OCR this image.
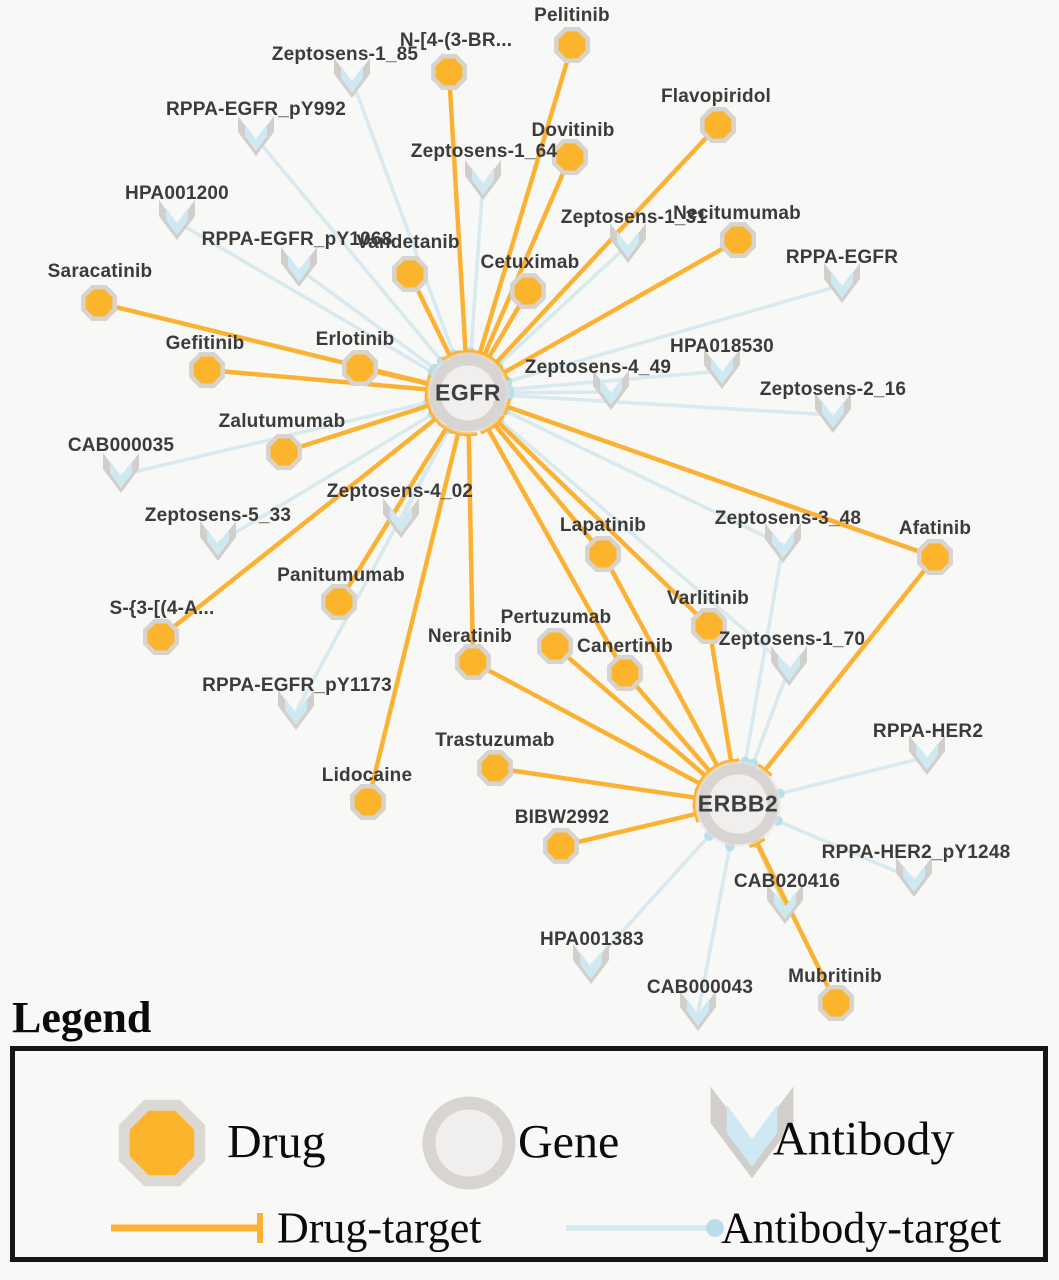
Pelitinib
N-[4-(3-BR...
Flavopiridol
Dovitinib
Necitumumab
Vandetanib
Cetuximab
Saracatinib
Gefitinib	Erlotinib
Zalutumumab
Panitumumab
S-{3-[(4-A...
Lapatinib	Afatinib
Varlitinib
Pertuzumab
Neratinib	Canertinib
Trastuzumab
Lidocaine
BIBW2992
Mubritinib
Zeptosens-1_85
RPPA-EGFR_pY992
Zeptosens-1_64
HPA001200
Zeptosens-1_31
RPPA-EGFR_pY1068
RPPA-EGFR
HPA018530
Zeptosens-4_49
Zeptosens-2_16
CAB000035
Zeptosens-5_33
Zeptosens-4_02
Zeptosens-3_48
Zeptosens-1_70
RPPA-EGFR_pY1173
RPPA-HER2
RPPA-HER2_pY1248
CAB020416
HPA001383
CAB000043
EGFR
ERBB2
Legend
Drug	Gene	Antibody
Drug-target	Antibody-target
